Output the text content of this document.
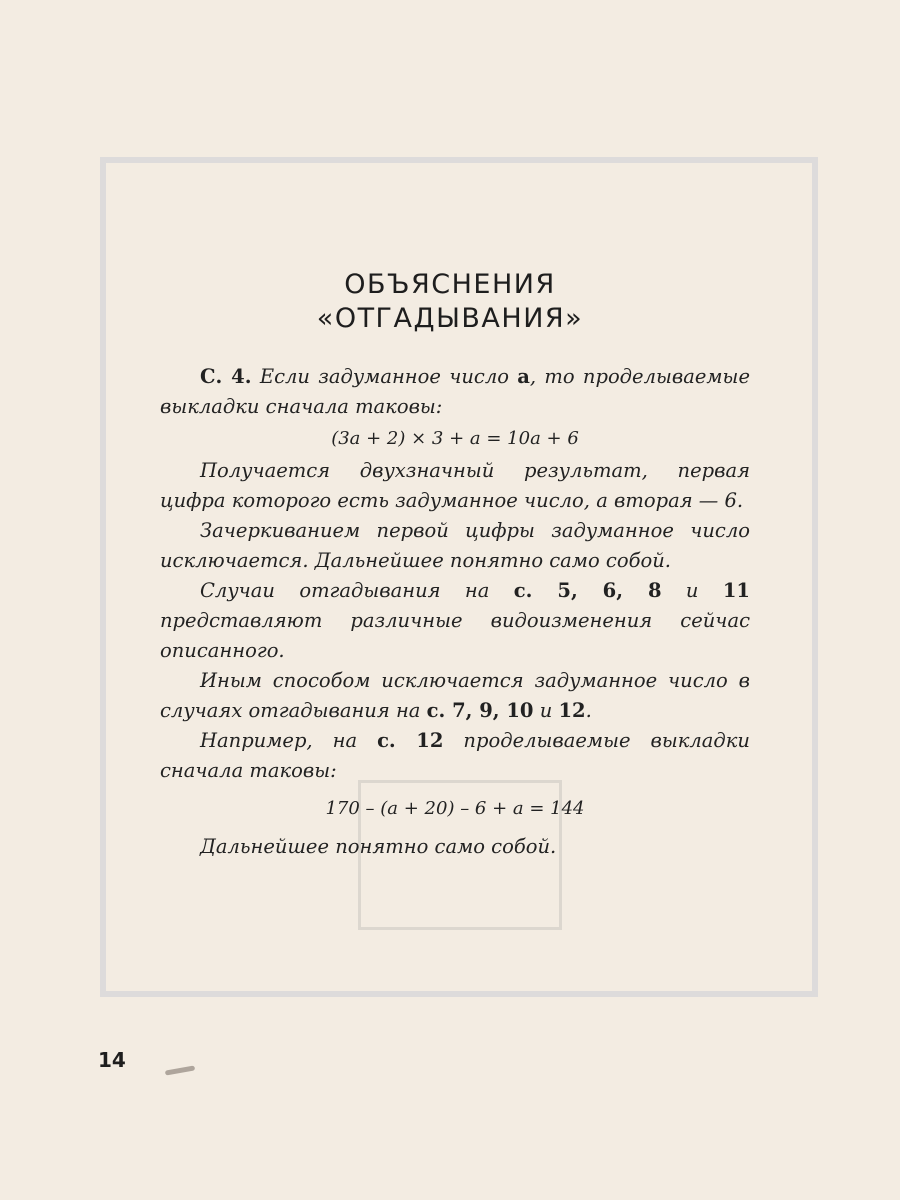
ОБЪЯСНЕНИЯ
«ОТГАДЫВАНИЯ»

С. 4. Если задуманное число а, то проделываемые выкладки сначала таковы:

(3а + 2) × 3 + а = 10а + 6

Получается двухзначный результат, первая цифра которого есть задуманное число, а вторая — 6.

Зачеркиванием первой цифры задуманное число исключается. Дальнейшее понятно само собой.

Случаи отгадывания на с. 5, 6, 8 и 11 представляют различные видоизменения сейчас описанного.

Иным способом исключается задуманное число в случаях отгадывания на с. 7, 9, 10 и 12.

Например, на с. 12 проделываемые выкладки сначала таковы:

170 – (а + 20) – 6 + а = 144

Дальнейшее понятно само собой.

14
